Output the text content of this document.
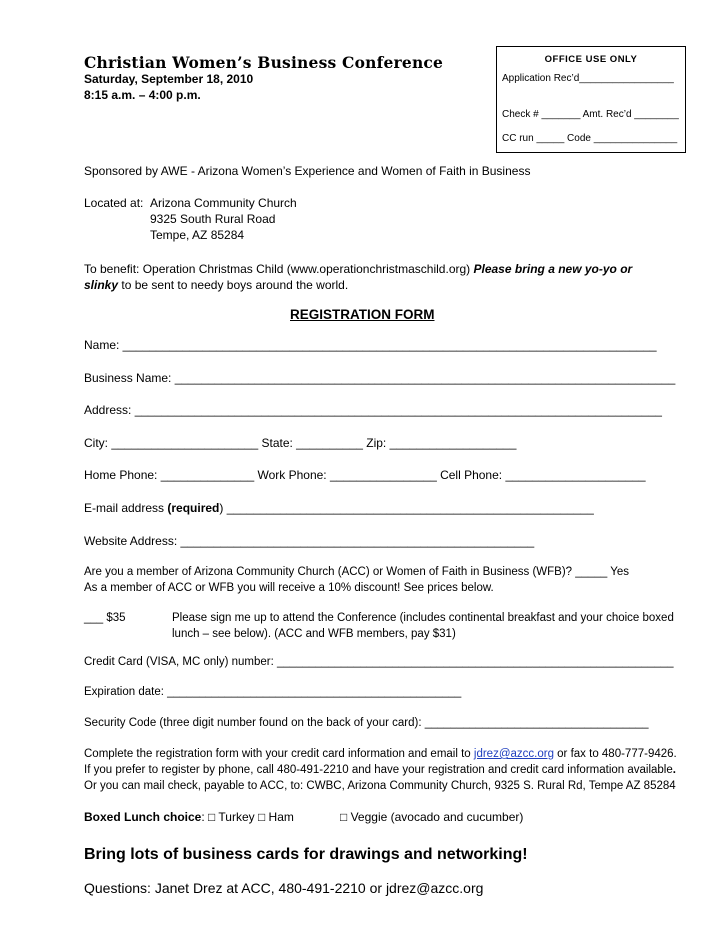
Christian Women’s Business Conference
Saturday, September 18, 2010
8:15 a.m. – 4:00 p.m.
OFFICE USE ONLY
Application Rec’d_________________
Check # _______ Amt. Rec’d ________
CC run _____ Code _______________
Sponsored by AWE - Arizona Women’s Experience and Women of Faith in Business
Located at: Arizona Community Church
9325 South Rural Road
Tempe, AZ 85284
To benefit: Operation Christmas Child (www.operationchristmaschild.org) Please bring a new yo-yo or
slinky to be sent to needy boys around the world.
REGISTRATION FORM
Name: ________________________________________________________________________________
Business Name: ___________________________________________________________________________
Address: _______________________________________________________________________________
City: ______________________ State: __________ Zip: ___________________
Home Phone: ______________ Work Phone: ________________ Cell Phone: _____________________
E-mail address (required) _______________________________________________________
Website Address: _____________________________________________________
Are you a member of Arizona Community Church (ACC) or Women of Faith in Business (WFB)? _____ Yes
As a member of ACC or WFB you will receive a 10% discount! See prices below.
___ $35	Please sign me up to attend the Conference (includes continental breakfast and your choice boxed
lunch – see below). (ACC and WFB members, pay $31)
Credit Card (VISA, MC only) number: ______________________________________________________________
Expiration date: ______________________________________________
Security Code (three digit number found on the back of your card): ___________________________________
Complete the registration form with your credit card information and email to jdrez@azcc.org or fax to 480-777-9426.
If you prefer to register by phone, call 480-491-2210 and have your registration and credit card information available.
Or you can mail check, payable to ACC, to: CWBC, Arizona Community Church, 9325 S. Rural Rd, Tempe AZ 85284
Boxed Lunch choice: □ Turkey □ Ham	□ Veggie (avocado and cucumber)
Bring lots of business cards for drawings and networking!
Questions: Janet Drez at ACC, 480-491-2210 or jdrez@azcc.org
